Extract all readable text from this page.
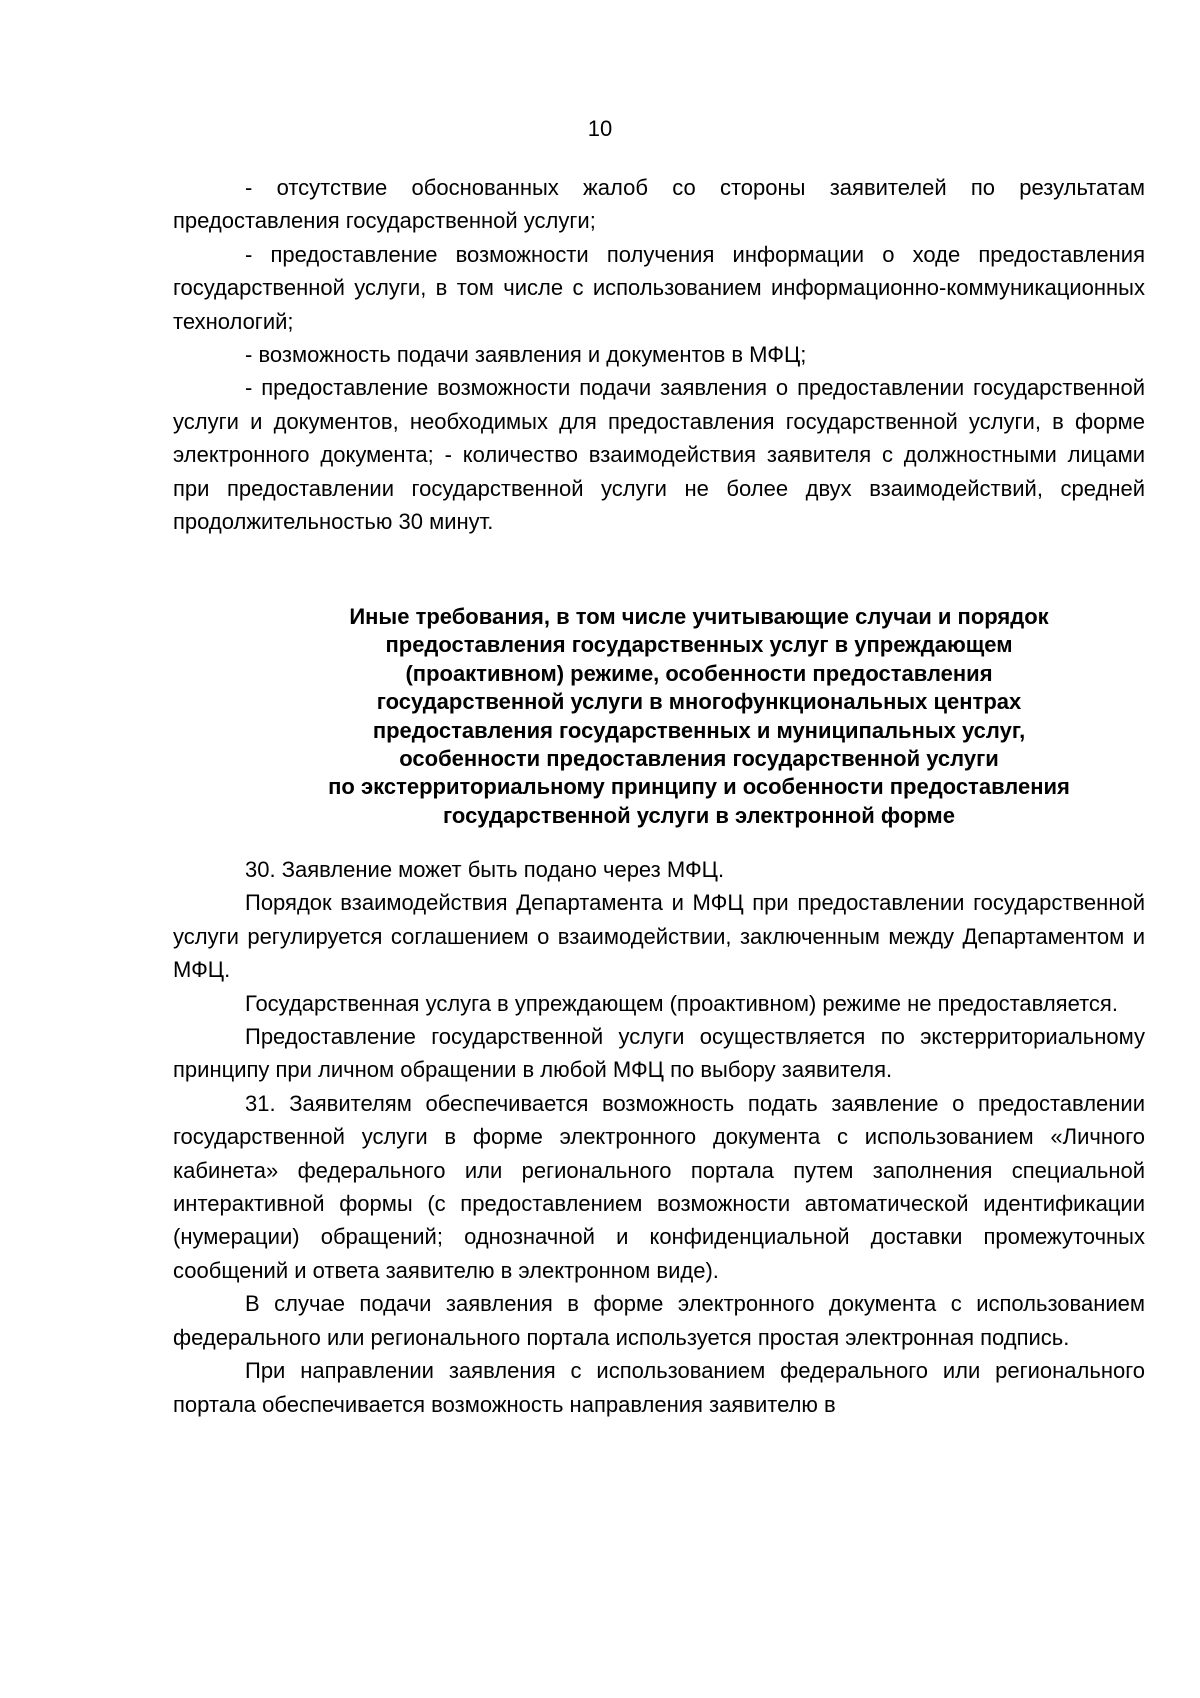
10

- отсутствие обоснованных жалоб со стороны заявителей по результатам предоставления государственной услуги;

- предоставление возможности получения информации о ходе предоставления государственной услуги, в том числе с использованием информационно-коммуникационных технологий;

- возможность подачи заявления и документов в МФЦ;

- предоставление возможности подачи заявления о предоставлении государственной услуги и документов, необходимых для предоставления государственной услуги, в форме электронного документа; - количество взаимодействия заявителя с должностными лицами при предоставлении государственной услуги не более двух взаимодействий, средней продолжительностью 30 минут.

Иные требования, в том числе учитывающие случаи и порядок
предоставления государственных услуг в упреждающем
(проактивном) режиме, особенности предоставления
государственной услуги в многофункциональных центрах
предоставления государственных и муниципальных услуг,
особенности предоставления государственной услуги
по экстерриториальному принципу и особенности предоставления
государственной услуги в электронной форме

30. Заявление может быть подано через МФЦ.

Порядок взаимодействия Департамента и МФЦ при предоставлении государственной услуги регулируется соглашением о взаимодействии, заключенным между Департаментом и МФЦ.

Государственная услуга в упреждающем (проактивном) режиме не предоставляется.

Предоставление государственной услуги осуществляется по экстерриториальному принципу при личном обращении в любой МФЦ по выбору заявителя.

31. Заявителям обеспечивается возможность подать заявление о предоставлении государственной услуги в форме электронного документа с использованием «Личного кабинета» федерального или регионального портала путем заполнения специальной интерактивной формы (с предоставлением возможности автоматической идентификации (нумерации) обращений; однозначной и конфиденциальной доставки промежуточных сообщений и ответа заявителю в электронном виде).

В случае подачи заявления в форме электронного документа с использованием федерального или регионального портала используется простая электронная подпись.

При направлении заявления с использованием федерального или регионального портала обеспечивается возможность направления заявителю в
